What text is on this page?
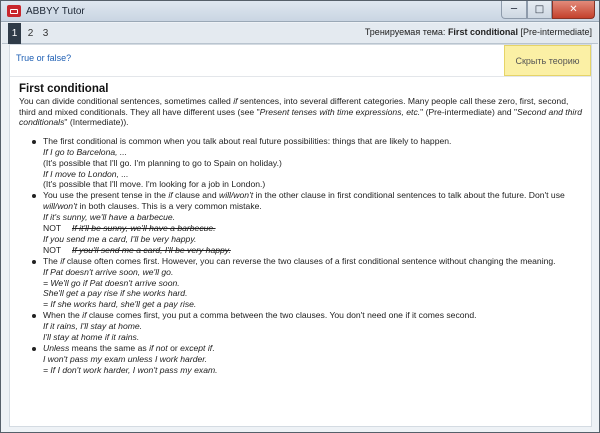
ABBYY Tutor	─	□	✕
1	2 3	Тренируемая тема: First conditional [Pre-intermediate]
True or false?	Скрыть теорию
First conditional

You can divide conditional sentences, sometimes called if sentences, into several different categories. Many people call these zero, first, second, third and mixed conditionals. They all have different uses (see "Present tenses with time expressions, etc." (Pre-intermediate) and "Second and third conditionals" (Intermediate)).

The first conditional is common when you talk about real future possibilities: things that are likely to happen.
If I go to Barcelona, ...
(It's possible that I'll go. I'm planning to go to Spain on holiday.)
If I move to London, ...
(It's possible that I'll move. I'm looking for a job in London.)
You use the present tense in the if clause and will/won't in the other clause in first conditional sentences to talk about the future. Don't use
will/won't in both clauses. This is a very common mistake.
If it's sunny, we'll have a barbecue.
NOT If it'll be sunny, we'll have a barbecue.
If you send me a card, I'll be very happy.
NOT If you'll send me a card, I'll be very happy.
The if clause often comes first. However, you can reverse the two clauses of a first conditional sentence without changing the meaning.
If Pat doesn't arrive soon, we'll go.
= We'll go if Pat doesn't arrive soon.
She'll get a pay rise if she works hard.
= If she works hard, she'll get a pay rise.
When the if clause comes first, you put a comma between the two clauses. You don't need one if it comes second.
If it rains, I'll stay at home.
I'll stay at home if it rains.
Unless means the same as if not or except if.
I won't pass my exam unless I work harder.
= If I don't work harder, I won't pass my exam.
